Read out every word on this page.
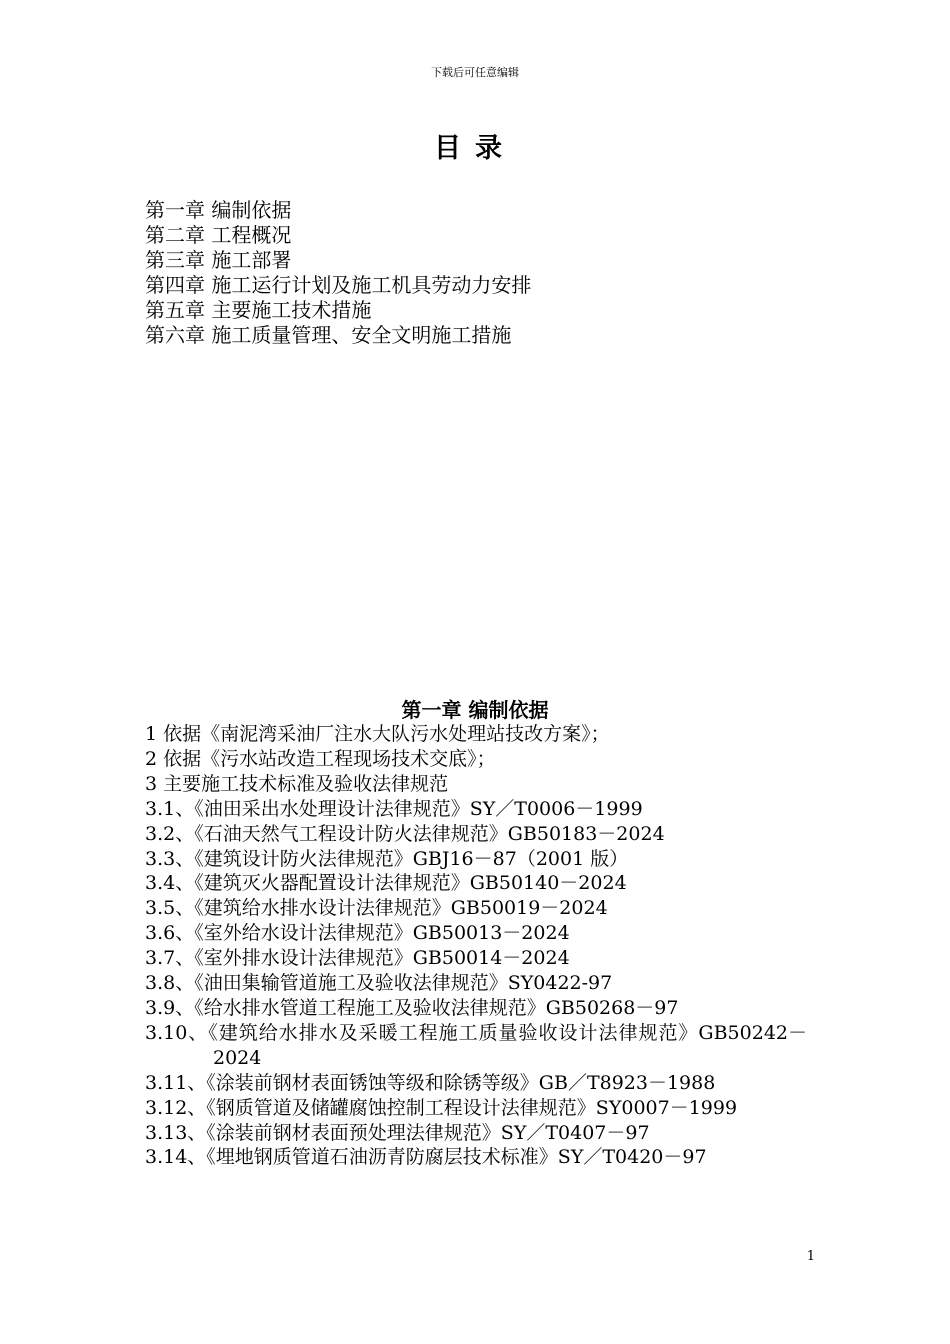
下载后可任意编辑
目录
第一章 编制依据
第二章 工程概况
第三章 施工部署
第四章 施工运行计划及施工机具劳动力安排
第五章 主要施工技术措施
第六章 施工质量管理、安全文明施工措施
第一章 编制依据
1 依据《南泥湾采油厂注水大队污水处理站技改方案》；
2 依据《污水站改造工程现场技术交底》；
3 主要施工技术标准及验收法律规范
3.1、《油田采出水处理设计法律规范》SY／T0006－1999
3.2、《石油天然气工程设计防火法律规范》GB50183－2024
3.3、《建筑设计防火法律规范》GBJ16－87（2001 版）
3.4、《建筑灭火器配置设计法律规范》GB50140－2024
3.5、《建筑给水排水设计法律规范》GB50019－2024
3.6、《室外给水设计法律规范》GB50013－2024
3.7、《室外排水设计法律规范》GB50014－2024
3.8、《油田集输管道施工及验收法律规范》SY0422-97
3.9、《给水排水管道工程施工及验收法律规范》GB50268－97
3.10、《建筑给水排水及采暖工程施工质量验收设计法律规范》GB50242－2024
3.11、《涂装前钢材表面锈蚀等级和除锈等级》GB／T8923－1988
3.12、《钢质管道及储罐腐蚀控制工程设计法律规范》SY0007－1999
3.13、《涂装前钢材表面预处理法律规范》SY／T0407－97
3.14、《埋地钢质管道石油沥青防腐层技术标准》SY／T0420－97
1
